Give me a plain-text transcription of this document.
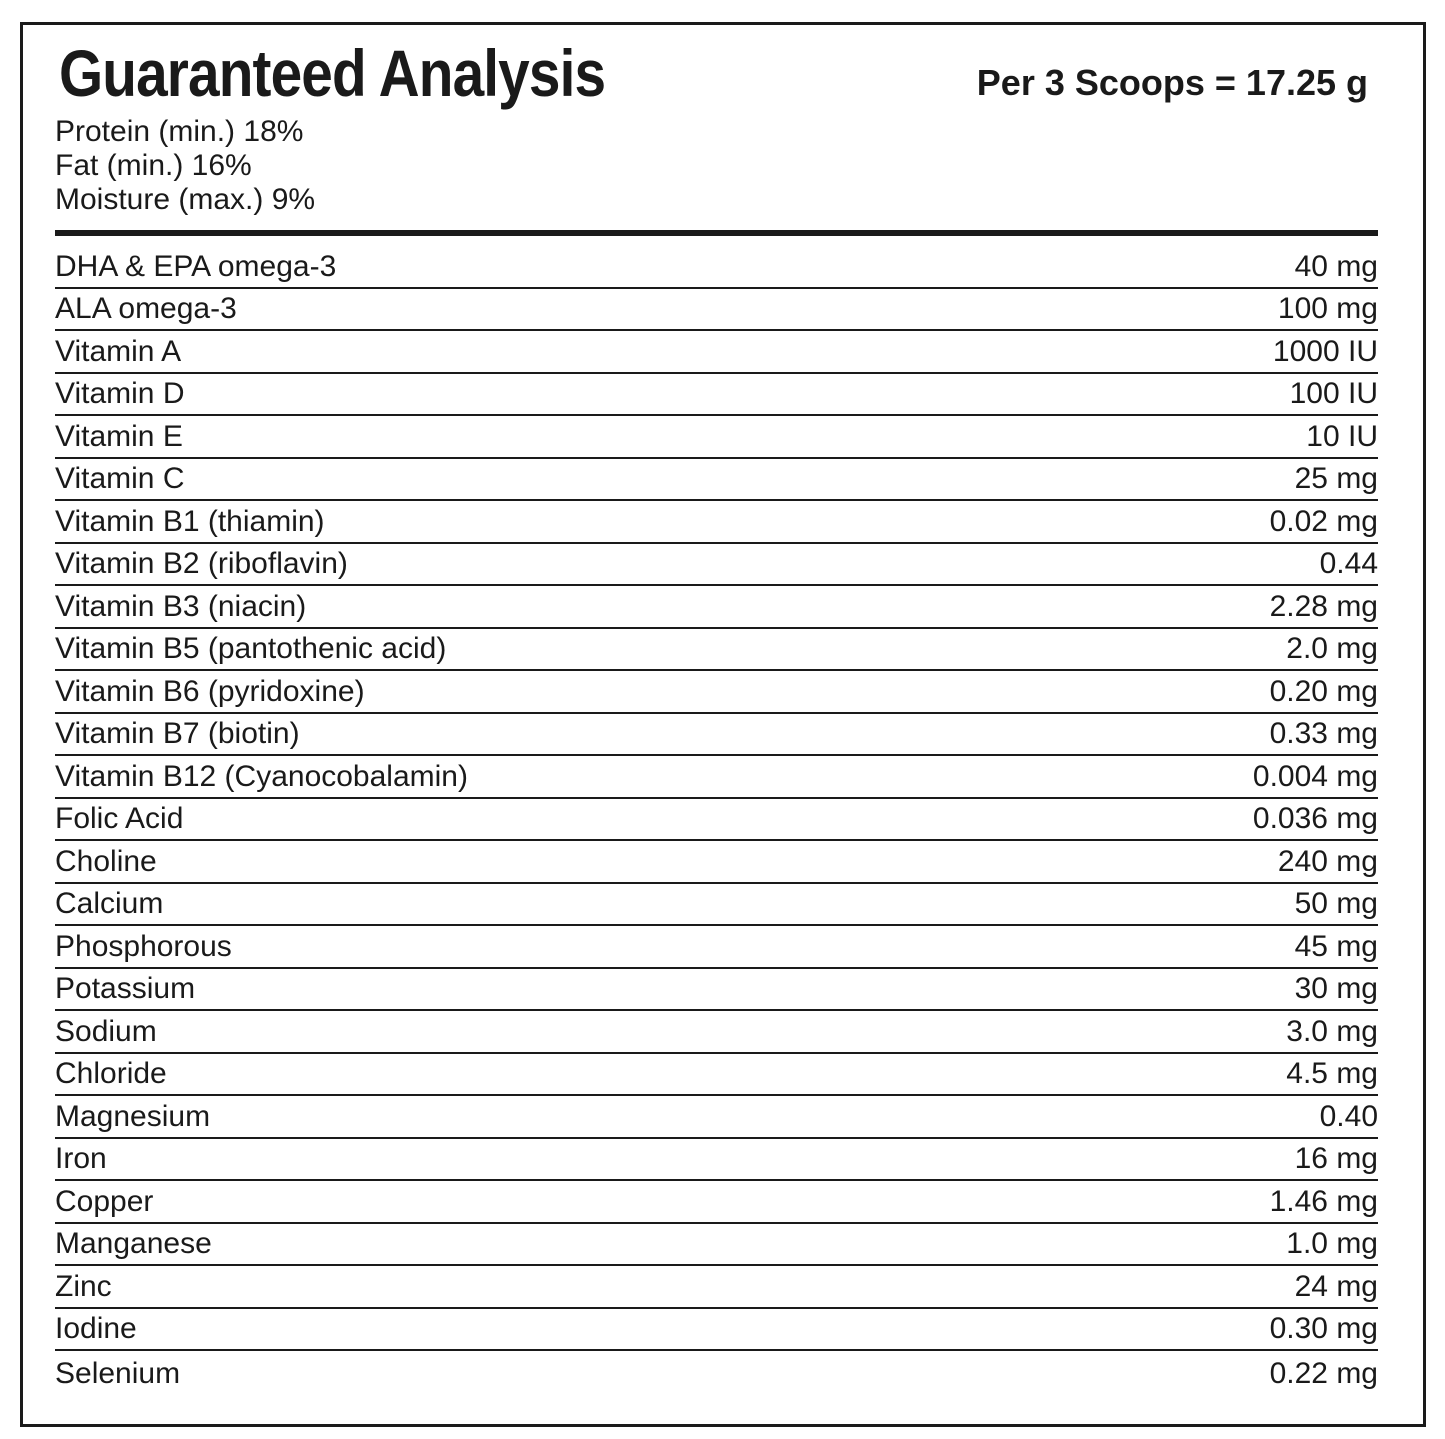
Guaranteed Analysis	Per 3 Scoops = 17.25 g
Protein (min.) 18%
Fat (min.) 16%
Moisture (max.) 9%
DHA & EPA omega-3	40 mg
ALA omega-3	100 mg
Vitamin A	1000 IU
Vitamin D	100 IU
Vitamin E	10 IU
Vitamin C	25 mg
Vitamin B1 (thiamin)	0.02 mg
Vitamin B2 (riboflavin)	0.44
Vitamin B3 (niacin)	2.28 mg
Vitamin B5 (pantothenic acid)	2.0 mg
Vitamin B6 (pyridoxine)	0.20 mg
Vitamin B7 (biotin)	0.33 mg
Vitamin B12 (Cyanocobalamin)	0.004 mg
Folic Acid	0.036 mg
Choline	240 mg
Calcium	50 mg
Phosphorous	45 mg
Potassium	30 mg
Sodium	3.0 mg
Chloride	4.5 mg
Magnesium	0.40
Iron	16 mg
Copper	1.46 mg
Manganese	1.0 mg
Zinc	24 mg
Iodine	0.30 mg
Selenium	0.22 mg
